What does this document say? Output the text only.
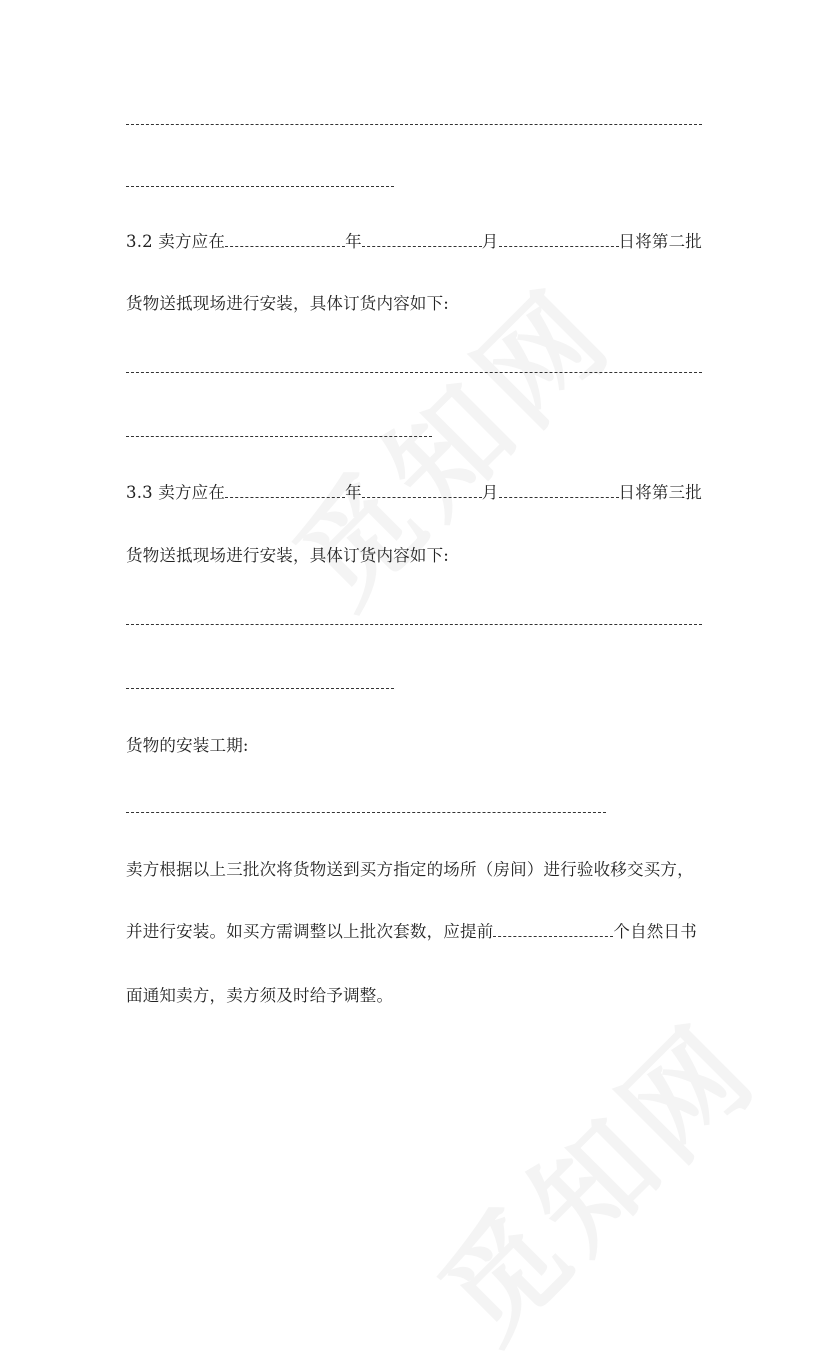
3.2 卖方应在	年	月	日将第二批
货物送抵现场进行安装，具体订货内容如下:
3.3 卖方应在	年	月	日将第三批
货物送抵现场进行安装，具体订货内容如下:
货物的安装工期:
卖方根据以上三批次将货物送到买方指定的场所（房间）进行验收移交买方，
并进行安装。如买方需调整以上批次套数，应提前	个自然日书
面通知卖方，卖方须及时给予调整。
